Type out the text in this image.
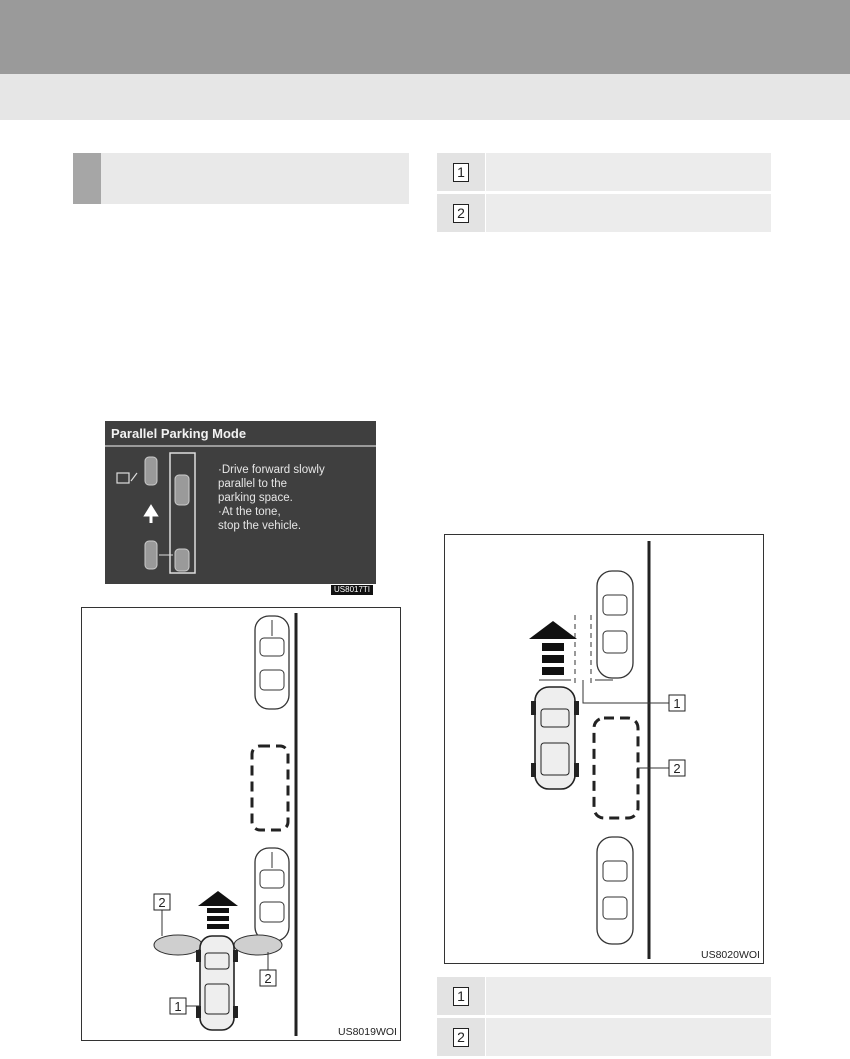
1
2
Parallel Parking Mode
·Drive forward slowly
parallel to the
parking space.
·At the tone,
stop the vehicle.
US8017TI
2
2
1
US8019WOI
1
2
US8020WOI
1
2
